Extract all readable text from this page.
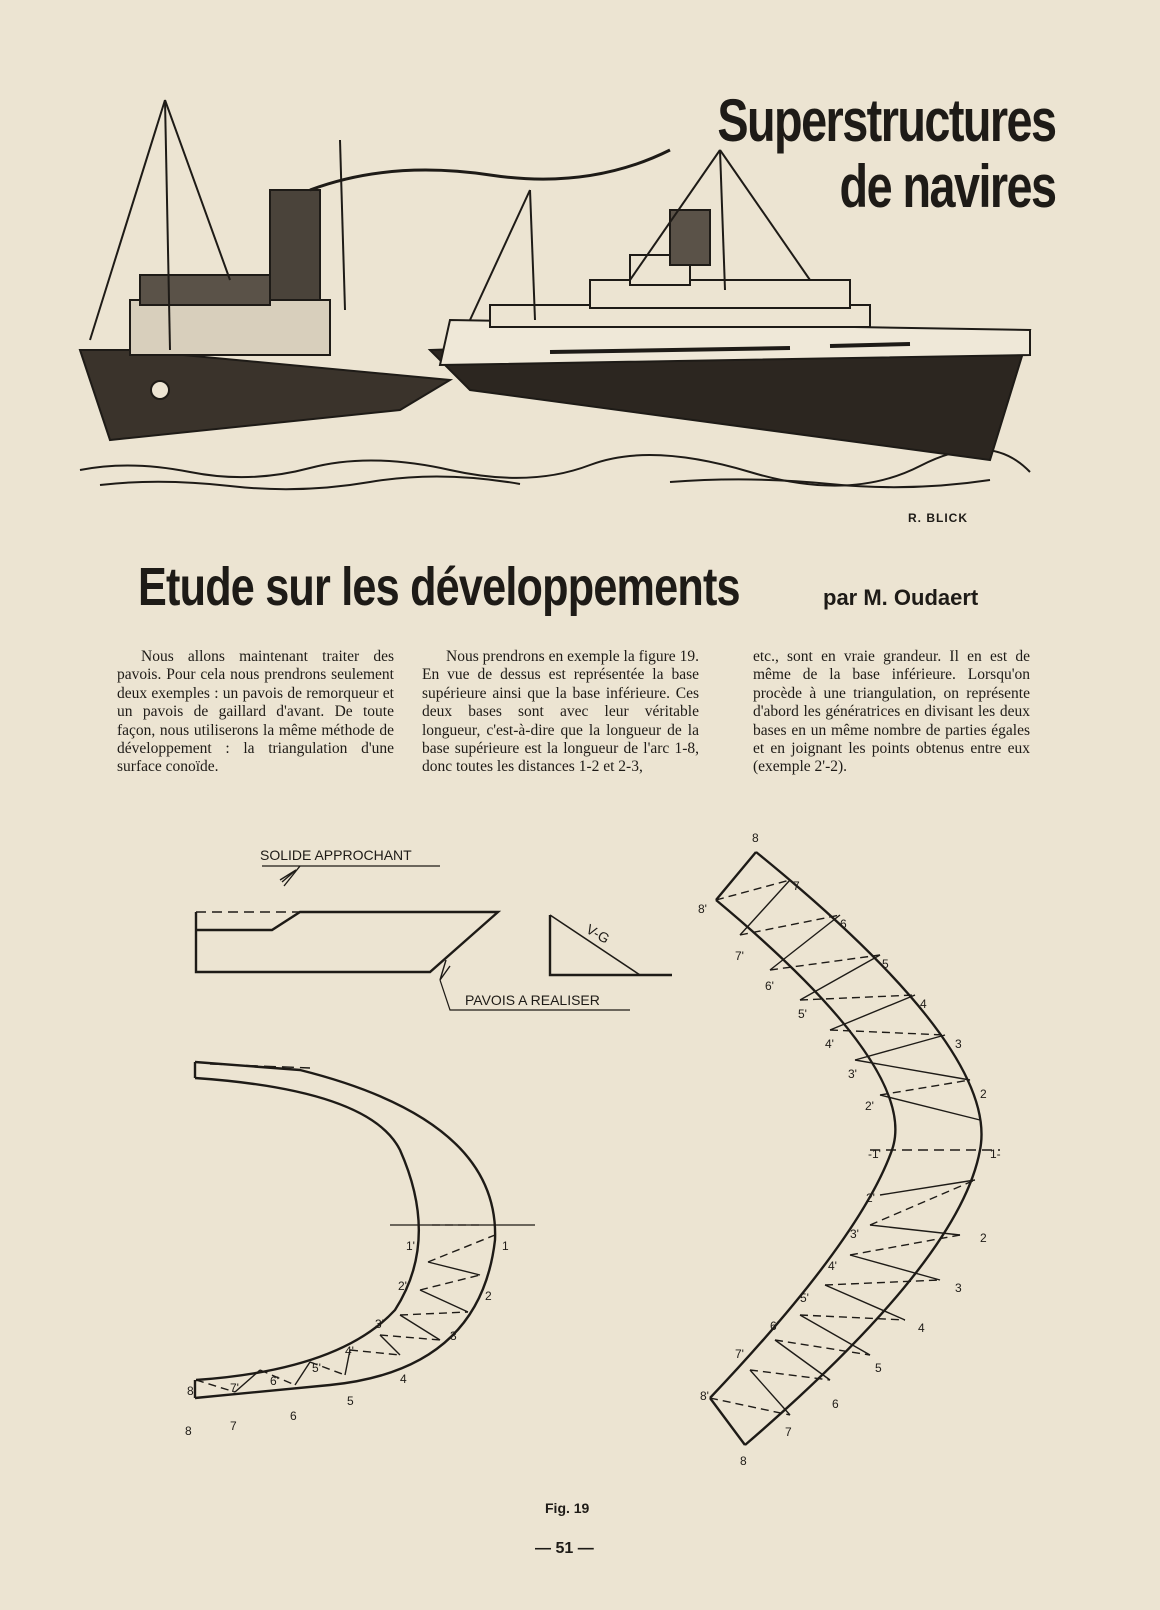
Superstructures
de navires
R. BLICK
Etude sur les développements	par M. Oudaert

Nous allons maintenant traiter des pavois. Pour cela nous prendrons seulement deux exemples : un pavois de remorqueur et un pavois de gaillard d'avant. De toute façon, nous utiliserons la même méthode de développement : la triangulation d'une surface conoïde.

Nous prendrons en exemple la figure 19. En vue de dessus est représentée la base supérieure ainsi que la base inférieure. Ces deux bases sont avec leur véritable longueur, c'est-à-dire que la longueur de la base supérieure est la longueur de l'arc 1-8, donc toutes les distances 1-2 et 2-3,

etc., sont en vraie grandeur. Il en est de même de la base inférieure. Lorsqu'on procède à une triangulation, on représente d'abord les génératrices en divisant les deux bases en un même nombre de parties égales et en joignant les points obtenus entre eux (exemple 2'-2).

SOLIDE APPROCHANT
PAVOIS A REALISER
V-G
1
2
3
4
5
6
7
8
1'
2'
3'
4'
5'
6'
7'
8
1-
2
3
4
5
6
7
8
-1'
2'
3'
4'
5'
6'
7'
8'
2
3
4
5
6
7
8
2'
3'
4'
5'
6'
7'
8'
Fig. 19
— 51 —
